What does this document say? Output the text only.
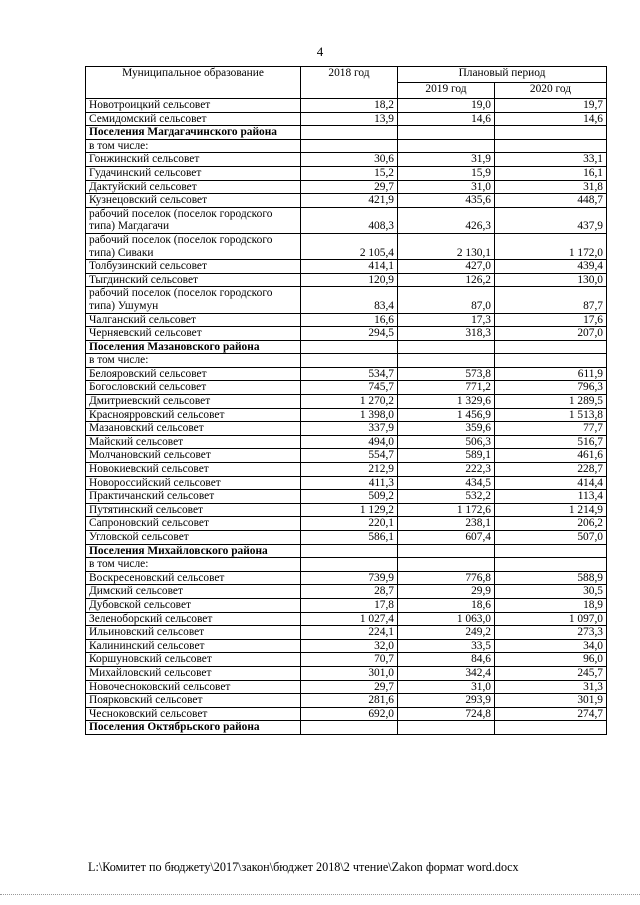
4
Муниципальное образование	2018 год	Плановый период	
		2019 год	2020 год
Новотроицкий сельсовет	18,2	19,0	19,7
Семидомский сельсовет	13,9	14,6	14,6
Поселения Магдагачинского района			
в том числе:			
Гонжинский сельсовет	30,6	31,9	33,1
Гудачинский сельсовет	15,2	15,9	16,1
Дактуйский сельсовет	29,7	31,0	31,8
Кузнецовский сельсовет	421,9	435,6	448,7
рабочий поселок (поселок городского типа) Магдагачи	408,3	426,3	437,9
рабочий поселок (поселок городского типа) Сиваки	2 105,4	2 130,1	1 172,0
Толбузинский сельсовет	414,1	427,0	439,4
Тыгдинский сельсовет	120,9	126,2	130,0
рабочий поселок (поселок городского типа) Ушумун	83,4	87,0	87,7
Чалганский сельсовет	16,6	17,3	17,6
Черняевский сельсовет	294,5	318,3	207,0
Поселения Мазановского района			
в том числе:			
Белояровский сельсовет	534,7	573,8	611,9
Богословский сельсовет	745,7	771,2	796,3
Дмитриевский сельсовет	1 270,2	1 329,6	1 289,5
Красноярровский сельсовет	1 398,0	1 456,9	1 513,8
Мазановский сельсовет	337,9	359,6	77,7
Майский сельсовет	494,0	506,3	516,7
Молчановский сельсовет	554,7	589,1	461,6
Новокиевский сельсовет	212,9	222,3	228,7
Новороссийский сельсовет	411,3	434,5	414,4
Практичанский сельсовет	509,2	532,2	113,4
Путятинский сельсовет	1 129,2	1 172,6	1 214,9
Сапроновский сельсовет	220,1	238,1	206,2
Угловской сельсовет	586,1	607,4	507,0
Поселения Михайловского района			
в том числе:			
Воскресеновский сельсовет	739,9	776,8	588,9
Димский сельсовет	28,7	29,9	30,5
Дубовской сельсовет	17,8	18,6	18,9
Зеленоборский сельсовет	1 027,4	1 063,0	1 097,0
Ильиновский сельсовет	224,1	249,2	273,3
Калининский сельсовет	32,0	33,5	34,0
Коршуновский сельсовет	70,7	84,6	96,0
Михайловский сельсовет	301,0	342,4	245,7
Новочесноковский сельсовет	29,7	31,0	31,3
Поярковский сельсовет	281,6	293,9	301,9
Чесноковский сельсовет	692,0	724,8	274,7
Поселения Октябрьского района			
L:\Комитет по бюджету\2017\закон\бюджет 2018\2 чтение\Zakon формат word.docx
